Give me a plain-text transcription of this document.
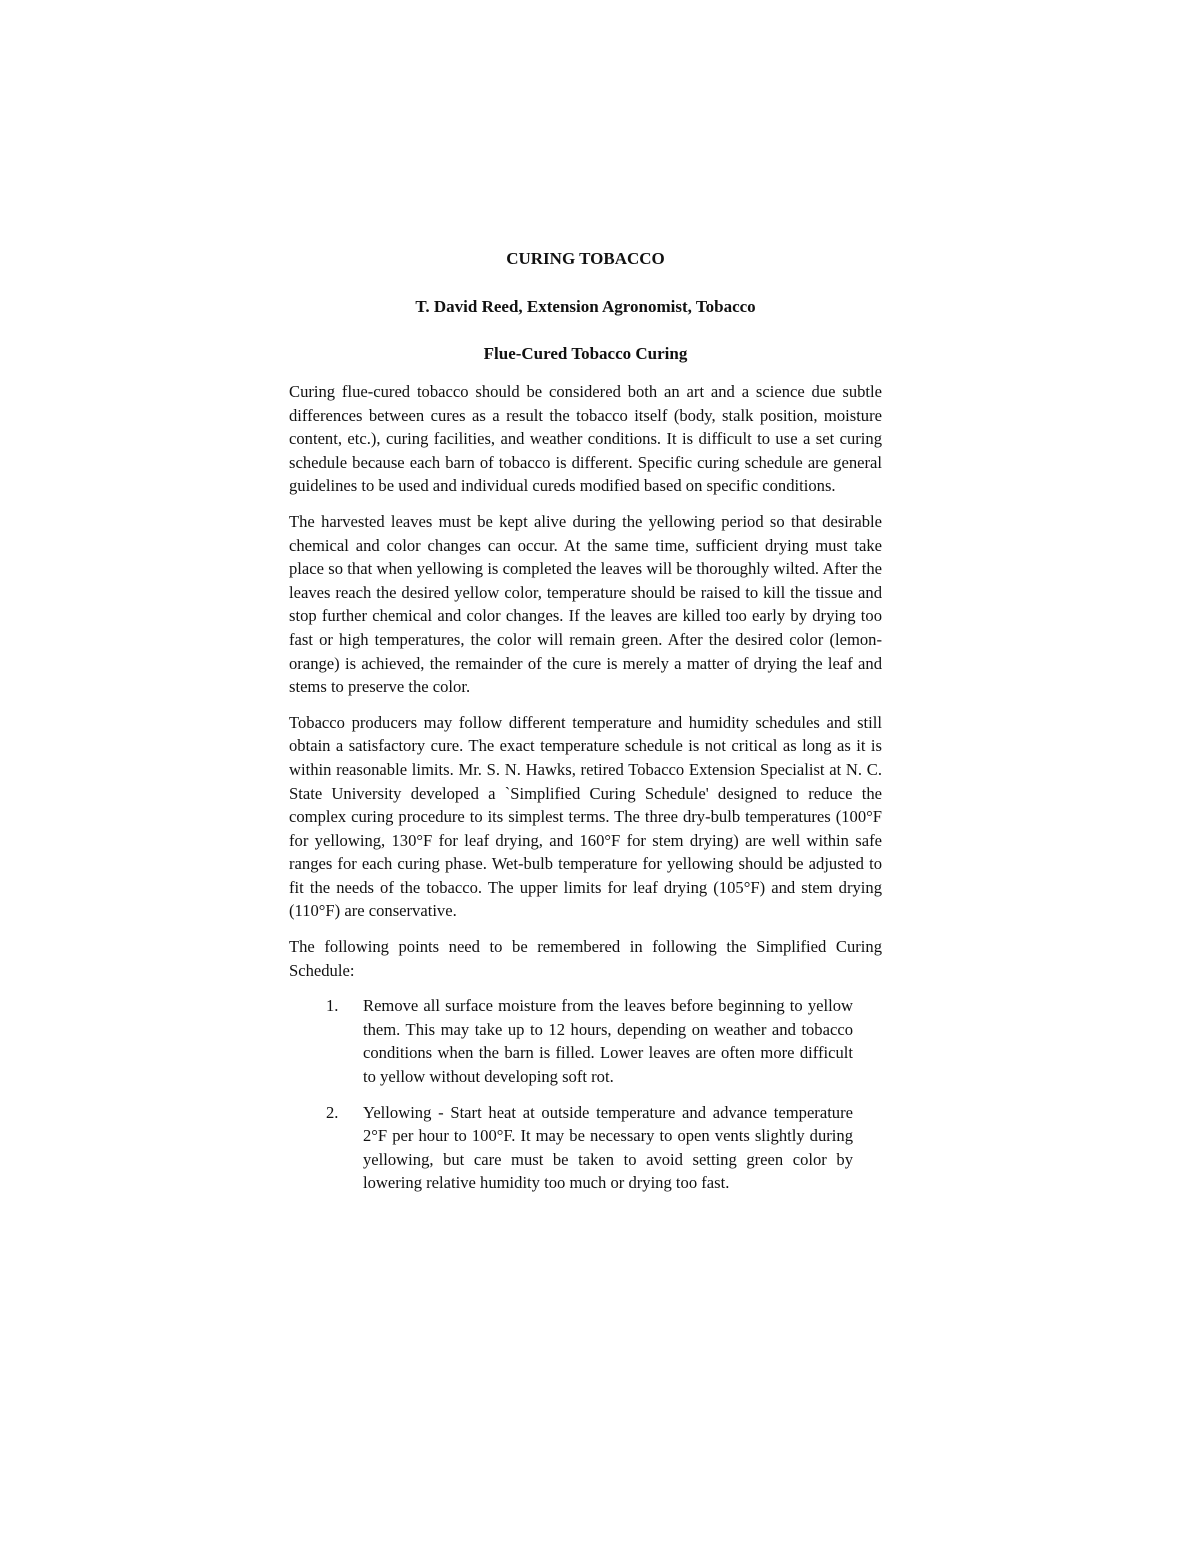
CURING TOBACCO
T. David Reed, Extension Agronomist, Tobacco
Flue-Cured Tobacco Curing

Curing flue-cured tobacco should be considered both an art and a science due subtle differences between cures as a result the tobacco itself (body, stalk position, moisture content, etc.), curing facilities, and weather conditions. It is difficult to use a set curing schedule because each barn of tobacco is different. Specific curing schedule are general guidelines to be used and individual cureds modified based on specific conditions.

The harvested leaves must be kept alive during the yellowing period so that desirable chemical and color changes can occur. At the same time, sufficient drying must take place so that when yellowing is completed the leaves will be thoroughly wilted. After the leaves reach the desired yellow color, temperature should be raised to kill the tissue and stop further chemical and color changes. If the leaves are killed too early by drying too fast or high temperatures, the color will remain green. After the desired color (lemon-orange) is achieved, the remainder of the cure is merely a matter of drying the leaf and stems to preserve the color.

Tobacco producers may follow different temperature and humidity schedules and still obtain a satisfactory cure. The exact temperature schedule is not critical as long as it is within reasonable limits. Mr. S. N. Hawks, retired Tobacco Extension Specialist at N. C. State University developed a `Simplified Curing Schedule' designed to reduce the complex curing procedure to its simplest terms. The three dry-bulb temperatures (100°F for yellowing, 130°F for leaf drying, and 160°F for stem drying) are well within safe ranges for each curing phase. Wet-bulb temperature for yellowing should be adjusted to fit the needs of the tobacco. The upper limits for leaf drying (105°F) and stem drying (110°F) are conservative.

The following points need to be remembered in following the Simplified Curing Schedule:

1.	Remove all surface moisture from the leaves before beginning to yellow them. This may take up to 12 hours, depending on weather and tobacco conditions when the barn is filled. Lower leaves are often more difficult to yellow without developing soft rot.
2.	Yellowing - Start heat at outside temperature and advance temperature 2°F per hour to 100°F. It may be necessary to open vents slightly during yellowing, but care must be taken to avoid setting green color by lowering relative humidity too much or drying too fast.
